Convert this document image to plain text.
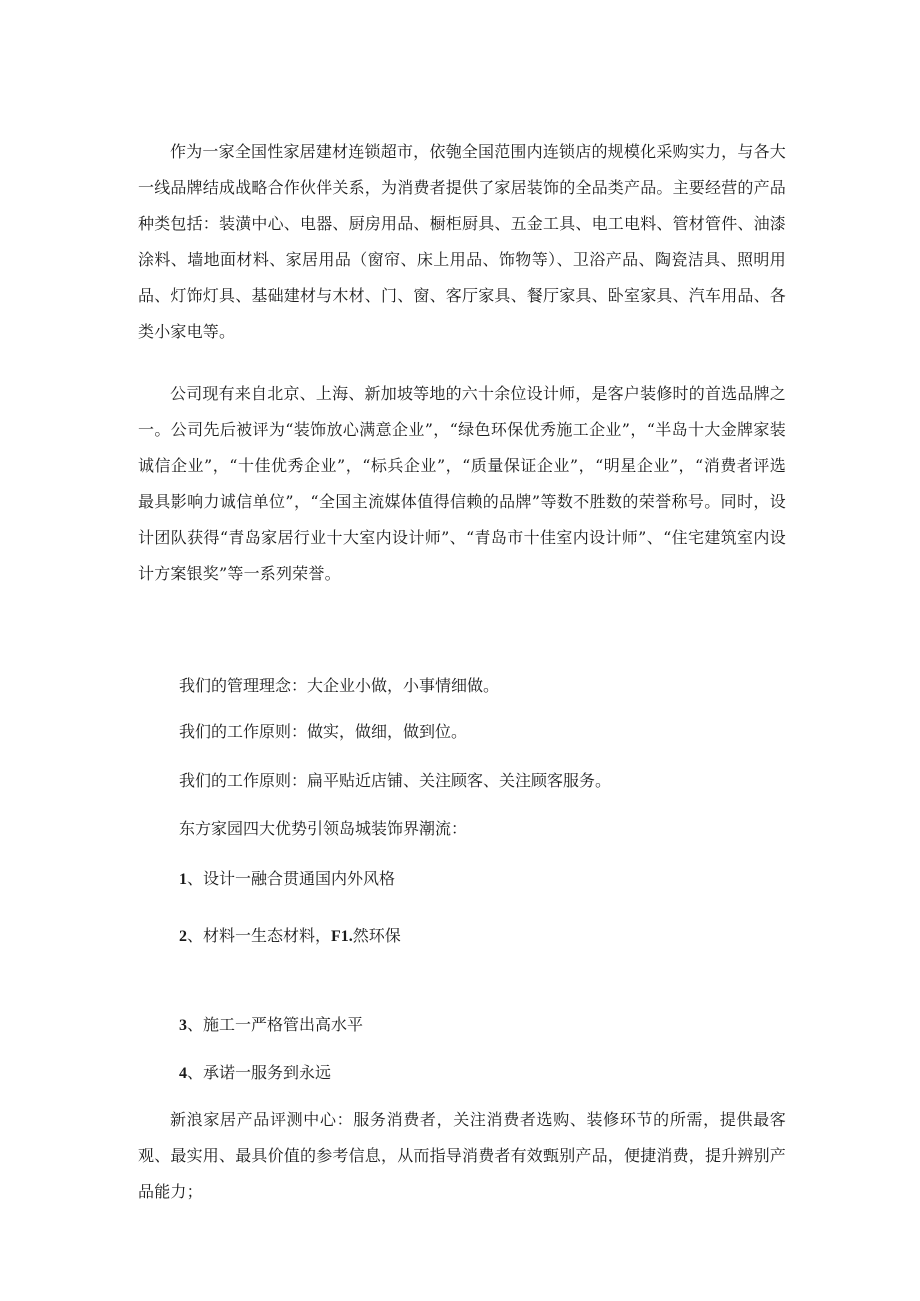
作为一家全国性家居建材连锁超市，依匏全国范围内连锁店的规模化采购实力，与各大一线品牌结成战略合作伙伴关系，为消费者提供了家居装饰的全品类产品。主要经营的产品种类包括：装潢中心、电器、厨房用品、橱柜厨具、五金工具、电工电料、管材管件、油漆涂料、墙地面材料、家居用品（窗帘、床上用品、饰物等）、卫浴产品、陶瓷洁具、照明用品、灯饰灯具、基础建材与木材、门、窗、客厅家具、餐厅家具、卧室家具、汽车用品、各类小家电等。

公司现有来自北京、上海、新加坡等地的六十余位设计师，是客户装修时的首选品牌之一。公司先后被评为“装饰放心满意企业”，“绿色环保优秀施工企业”，“半岛十大金牌家装诚信企业”，“十佳优秀企业”，“标兵企业”，“质量保证企业”，“明星企业”，“消费者评选最具影响力诚信单位”，“全国主流媒体值得信赖的品牌”等数不胜数的荣誉称号。同时，设计团队获得“青岛家居行业十大室内设计师”、“青岛市十佳室内设计师”、“住宅建筑室内设计方案银奖”等一系列荣誉。

我们的管理理念：大企业小做，小事情细做。

我们的工作原则：做实，做细，做到位。

我们的工作原则：扁平贴近店铺、关注顾客、关注顾客服务。

东方家园四大优势引领岛城装饰界潮流：

1、设计一融合贯通国内外风格

2、材料一生态材料，F1.然环保

3、施工一严格管出高水平

4、承诺一服务到永远

新浪家居产品评测中心：服务消费者，关注消费者选购、装修环节的所需，提供最客观、最实用、最具价值的参考信息，从而指导消费者有效甄别产品，便捷消费，提升辨别产品能力；
